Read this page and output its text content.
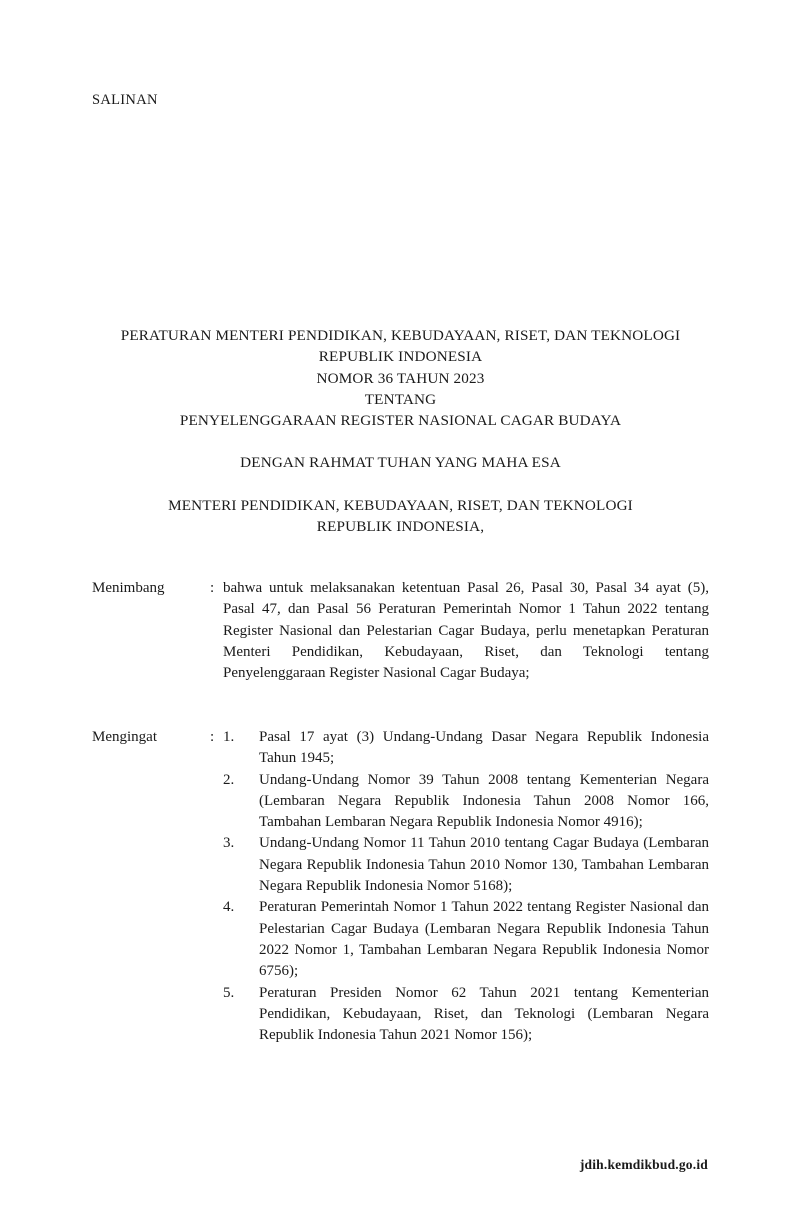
SALINAN
PERATURAN MENTERI PENDIDIKAN, KEBUDAYAAN, RISET, DAN TEKNOLOGI
REPUBLIK INDONESIA
NOMOR 36 TAHUN 2023
TENTANG
PENYELENGGARAAN REGISTER NASIONAL CAGAR BUDAYA
DENGAN RAHMAT TUHAN YANG MAHA ESA
MENTERI PENDIDIKAN, KEBUDAYAAN, RISET, DAN TEKNOLOGI
REPUBLIK INDONESIA,
Menimbang	: bahwa untuk melaksanakan ketentuan Pasal 26, Pasal 30, Pasal 34 ayat (5), Pasal 47, dan Pasal 56 Peraturan Pemerintah Nomor 1 Tahun 2022 tentang Register Nasional dan Pelestarian Cagar Budaya, perlu menetapkan Peraturan Menteri Pendidikan, Kebudayaan, Riset, dan Teknologi tentang Penyelenggaraan Register Nasional Cagar Budaya;
Mengingat	: 1.	Pasal 17 ayat (3) Undang-Undang Dasar Negara Republik Indonesia Tahun 1945;
2.	Undang-Undang Nomor 39 Tahun 2008 tentang Kementerian Negara (Lembaran Negara Republik Indonesia Tahun 2008 Nomor 166, Tambahan Lembaran Negara Republik Indonesia Nomor 4916);
3.	Undang-Undang Nomor 11 Tahun 2010 tentang Cagar Budaya (Lembaran Negara Republik Indonesia Tahun 2010 Nomor 130, Tambahan Lembaran Negara Republik Indonesia Nomor 5168);
4.	Peraturan Pemerintah Nomor 1 Tahun 2022 tentang Register Nasional dan Pelestarian Cagar Budaya (Lembaran Negara Republik Indonesia Tahun 2022 Nomor 1, Tambahan Lembaran Negara Republik Indonesia Nomor 6756);
5.	Peraturan Presiden Nomor 62 Tahun 2021 tentang Kementerian Pendidikan, Kebudayaan, Riset, dan Teknologi (Lembaran Negara Republik Indonesia Tahun 2021 Nomor 156);
jdih.kemdikbud.go.id
